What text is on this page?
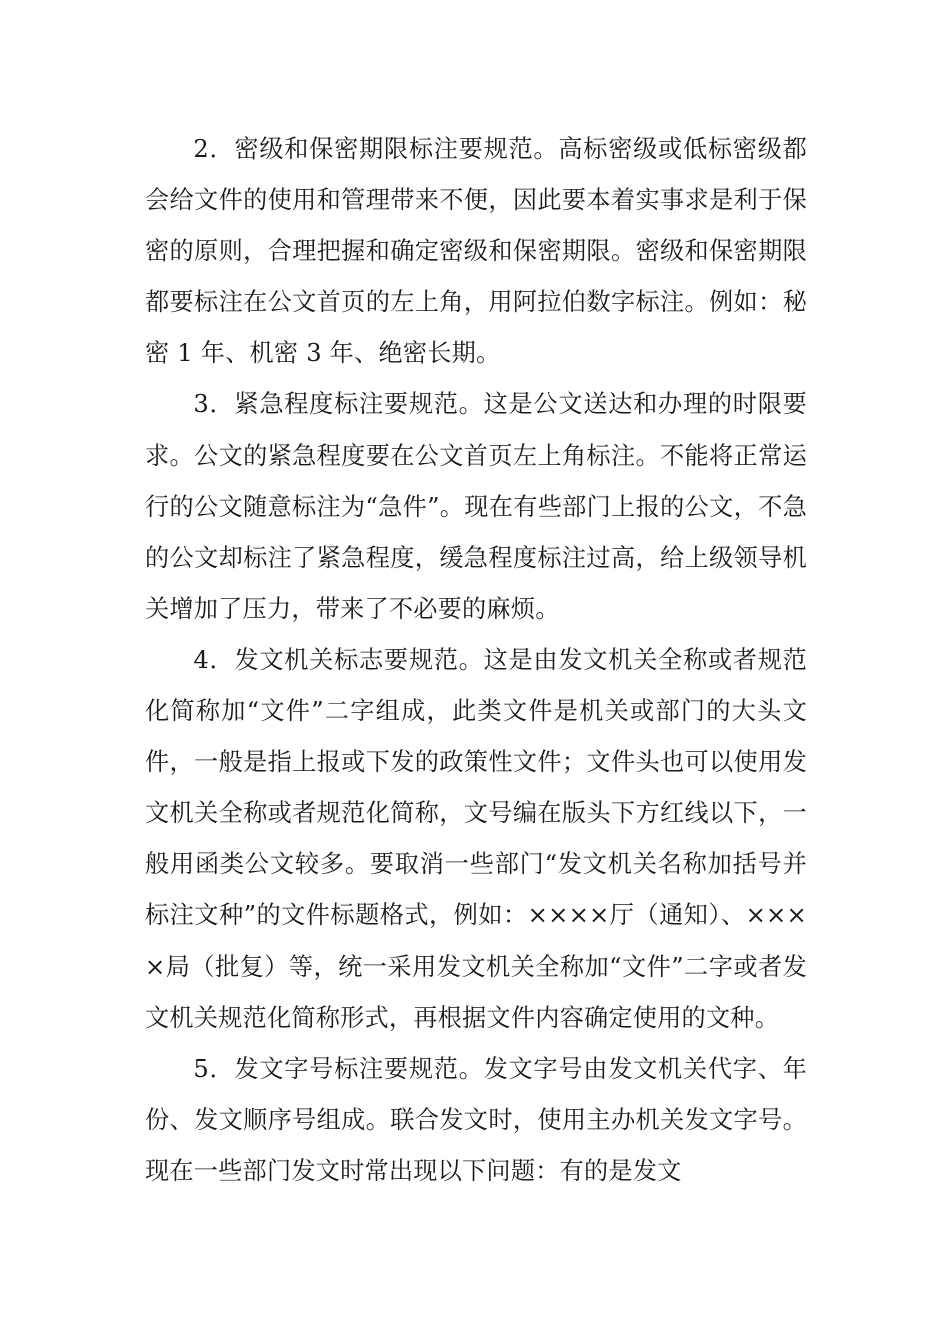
2．密级和保密期限标注要规范。高标密级或低标密级都会给文件的使用和管理带来不便，因此要本着实事求是利于保密的原则，合理把握和确定密级和保密期限。密级和保密期限都要标注在公文首页的左上角，用阿拉伯数字标注。例如：秘密 1 年、机密 3 年、绝密长期。

3．紧急程度标注要规范。这是公文送达和办理的时限要求。公文的紧急程度要在公文首页左上角标注。不能将正常运行的公文随意标注为“急件”。现在有些部门上报的公文，不急的公文却标注了紧急程度，缓急程度标注过高，给上级领导机关增加了压力，带来了不必要的麻烦。

4．发文机关标志要规范。这是由发文机关全称或者规范化简称加“文件”二字组成，此类文件是机关或部门的大头文件，一般是指上报或下发的政策性文件；文件头也可以使用发文机关全称或者规范化简称，文号编在版头下方红线以下，一般用函类公文较多。要取消一些部门“发文机关名称加括号并标注文种”的文件标题格式，例如：××××厅（通知）、××××局（批复）等，统一采用发文机关全称加“文件”二字或者发文机关规范化简称形式，再根据文件内容确定使用的文种。

5．发文字号标注要规范。发文字号由发文机关代字、年份、发文顺序号组成。联合发文时，使用主办机关发文字号。现在一些部门发文时常出现以下问题：有的是发文
